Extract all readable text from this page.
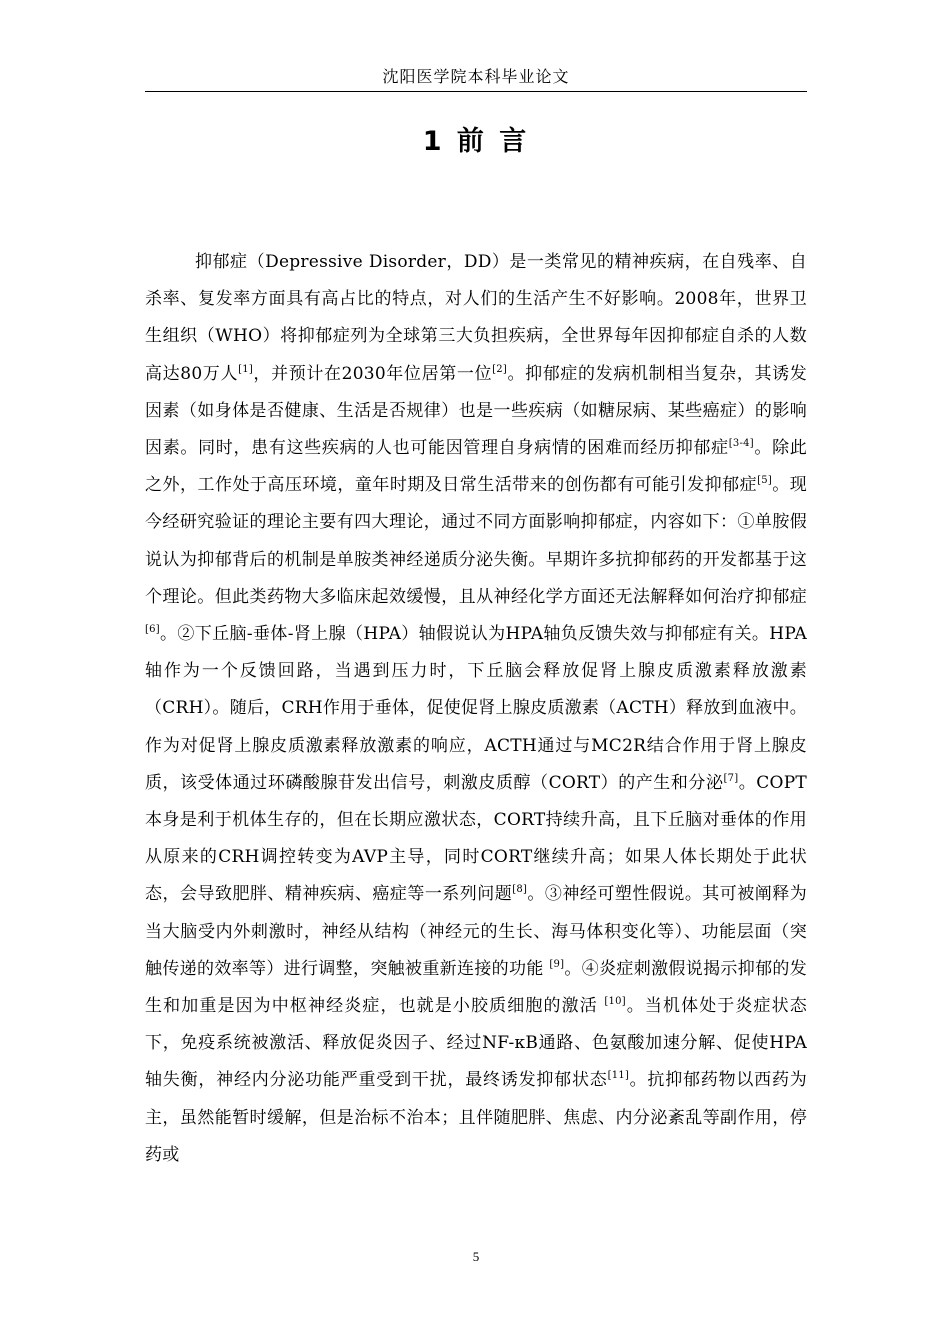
沈阳医学院本科毕业论文
1 前 言

抑郁症（Depressive Disorder，DD）是一类常见的精神疾病，在自残率、自杀率、复发率方面具有高占比的特点，对人们的生活产生不好影响。2008年，世界卫生组织（WHO）将抑郁症列为全球第三大负担疾病，全世界每年因抑郁症自杀的人数高达80万人[1]，并预计在2030年位居第一位[2]。抑郁症的发病机制相当复杂，其诱发因素（如身体是否健康、生活是否规律）也是一些疾病（如糖尿病、某些癌症）的影响因素。同时，患有这些疾病的人也可能因管理自身病情的困难而经历抑郁症[3-4]。除此之外，工作处于高压环境，童年时期及日常生活带来的创伤都有可能引发抑郁症[5]。现今经研究验证的理论主要有四大理论，通过不同方面影响抑郁症，内容如下：①单胺假说认为抑郁背后的机制是单胺类神经递质分泌失衡。早期许多抗抑郁药的开发都基于这个理论。但此类药物大多临床起效缓慢，且从神经化学方面还无法解释如何治疗抑郁症[6]。②下丘脑-垂体-肾上腺（HPA）轴假说认为HPA轴负反馈失效与抑郁症有关。HPA轴作为一个反馈回路，当遇到压力时，下丘脑会释放促肾上腺皮质激素释放激素（CRH）。随后，CRH作用于垂体，促使促肾上腺皮质激素（ACTH）释放到血液中。作为对促肾上腺皮质激素释放激素的响应，ACTH通过与MC2R结合作用于肾上腺皮质，该受体通过环磷酸腺苷发出信号，刺激皮质醇（CORT）的产生和分泌[7]。COPT本身是利于机体生存的，但在长期应激状态，CORT持续升高，且下丘脑对垂体的作用从原来的CRH调控转变为AVP主导，同时CORT继续升高；如果人体长期处于此状态，会导致肥胖、精神疾病、癌症等一系列问题[8]。③神经可塑性假说。其可被阐释为当大脑受内外刺激时，神经从结构（神经元的生长、海马体积变化等）、功能层面（突触传递的效率等）进行调整，突触被重新连接的功能 [9]。④炎症刺激假说揭示抑郁的发生和加重是因为中枢神经炎症，也就是小胶质细胞的激活 [10]。当机体处于炎症状态下，免疫系统被激活、释放促炎因子、经过NF-κB通路、色氨酸加速分解、促使HPA轴失衡，神经内分泌功能严重受到干扰，最终诱发抑郁状态[11]。抗抑郁药物以西药为主，虽然能暂时缓解，但是治标不治本；且伴随肥胖、焦虑、内分泌紊乱等副作用，停药或

5
